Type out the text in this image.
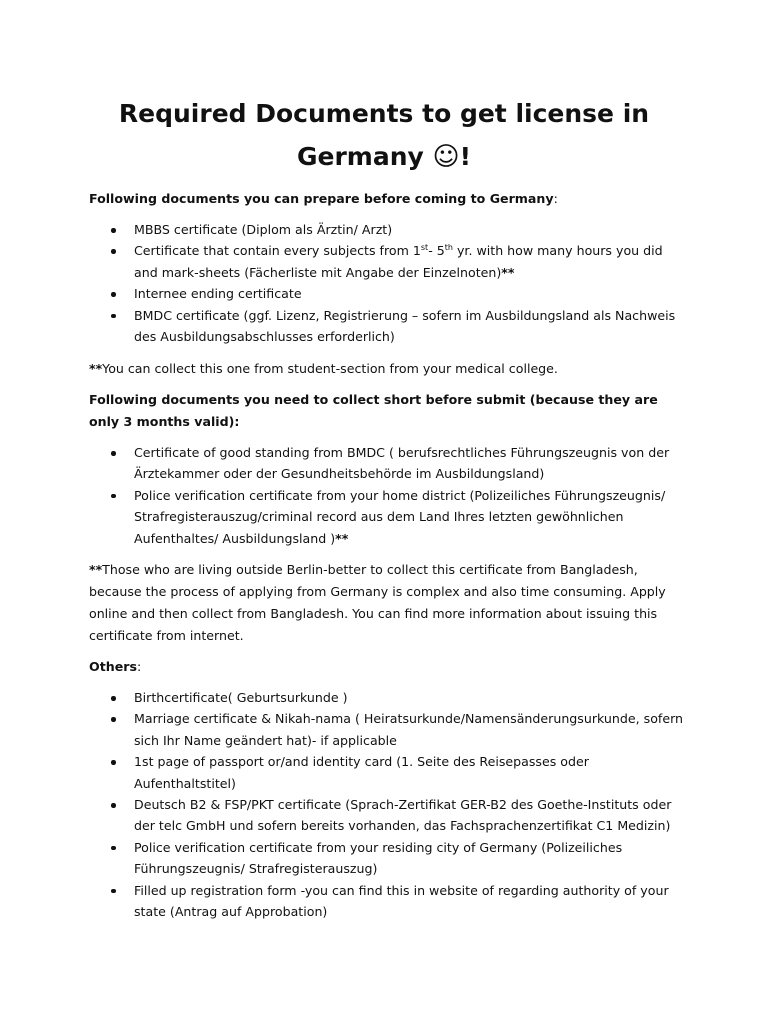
Required Documents to get license in
Germany ☺!
Following documents you can prepare before coming to Germany:
MBBS certificate (Diplom als Ärztin/ Arzt)
Certificate that contain every subjects from 1st- 5th yr. with how many hours you did and mark-sheets (Fächerliste mit Angabe der Einzelnoten)**
Internee ending certificate
BMDC certificate (ggf. Lizenz, Registrierung – sofern im Ausbildungsland als Nachweis des Ausbildungsabschlusses erforderlich)
**You can collect this one from student-section from your medical college.
Following documents you need to collect short before submit (because they are only 3 months valid):
Certificate of good standing from BMDC ( berufsrechtliches Führungszeugnis von der Ärztekammer oder der Gesundheitsbehörde im Ausbildungsland)
Police verification certificate from your home district (Polizeiliches Führungszeugnis/ Strafregisterauszug/criminal record aus dem Land Ihres letzten gewöhnlichen Aufenthaltes/ Ausbildungsland )**
**Those who are living outside Berlin-better to collect this certificate from Bangladesh, because the process of applying from Germany is complex and also time consuming. Apply online and then collect from Bangladesh. You can find more information about issuing this certificate from internet.
Others:
Birthcertificate( Geburtsurkunde )
Marriage certificate & Nikah-nama ( Heiratsurkunde/Namensänderungsurkunde, sofern sich Ihr Name geändert hat)- if applicable
1st page of passport or/and identity card (1. Seite des Reisepasses oder Aufenthaltstitel)
Deutsch B2 & FSP/PKT certificate (Sprach-Zertifikat GER-B2 des Goethe-Instituts oder der telc GmbH und sofern bereits vorhanden, das Fachsprachenzertifikat C1 Medizin)
Police verification certificate from your residing city of Germany (Polizeiliches Führungszeugnis/ Strafregisterauszug)
Filled up registration form -you can find this in website of regarding authority of your state (Antrag auf Approbation)
